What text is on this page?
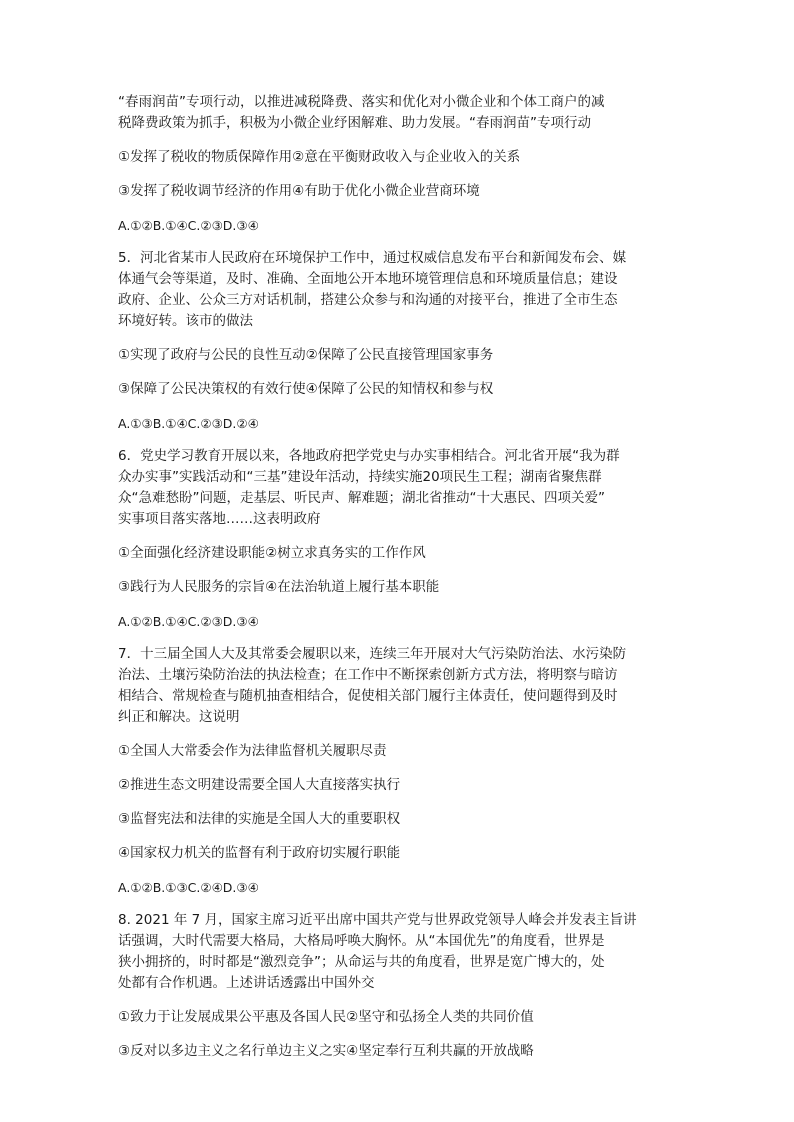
“春雨润苗”专项行动，以推进减税降费、落实和优化对小微企业和个体工商户的减
税降费政策为抓手，积极为小微企业纾困解难、助力发展。“春雨润苗”专项行动

①发挥了税收的物质保障作用②意在平衡财政收入与企业收入的关系
③发挥了税收调节经济的作用④有助于优化小微企业营商环境
A.①②B.①④C.②③D.③④

5．河北省某市人民政府在环境保护工作中，通过权威信息发布平台和新闻发布会、媒
体通气会等渠道，及时、准确、全面地公开本地环境管理信息和环境质量信息；建设
政府、企业、公众三方对话机制，搭建公众参与和沟通的对接平台，推进了全市生态
环境好转。该市的做法

①实现了政府与公民的良性互动②保障了公民直接管理国家事务
③保障了公民决策权的有效行使④保障了公民的知情权和参与权
A.①③B.①④C.②③D.②④

6．党史学习教育开展以来，各地政府把学党史与办实事相结合。河北省开展“我为群
众办实事”实践活动和“三基”建设年活动，持续实施20项民生工程；湖南省聚焦群
众“急难愁盼”问题，走基层、听民声、解难题；湖北省推动“十大惠民、四项关爱”
实事项目落实落地……这表明政府

①全面强化经济建设职能②树立求真务实的工作作风
③践行为人民服务的宗旨④在法治轨道上履行基本职能
A.①②B.①④C.②③D.③④

7．十三届全国人大及其常委会履职以来，连续三年开展对大气污染防治法、水污染防
治法、土壤污染防治法的执法检查；在工作中不断探索创新方式方法，将明察与暗访
相结合、常规检查与随机抽查相结合，促使相关部门履行主体责任，使问题得到及时
纠正和解决。这说明

①全国人大常委会作为法律监督机关履职尽责
②推进生态文明建设需要全国人大直接落实执行
③监督宪法和法律的实施是全国人大的重要职权
④国家权力机关的监督有利于政府切实履行职能
A.①②B.①③C.②④D.③④

8. 2021 年 7 月，国家主席习近平出席中国共产党与世界政党领导人峰会并发表主旨讲
话强调，大时代需要大格局，大格局呼唤大胸怀。从“本国优先”的角度看，世界是
狭小拥挤的，时时都是“激烈竞争”；从命运与共的角度看，世界是宽广博大的，处
处都有合作机遇。上述讲话透露出中国外交

①致力于让发展成果公平惠及各国人民②坚守和弘扬全人类的共同价值
③反对以多边主义之名行单边主义之实④坚定奉行互利共赢的开放战略
